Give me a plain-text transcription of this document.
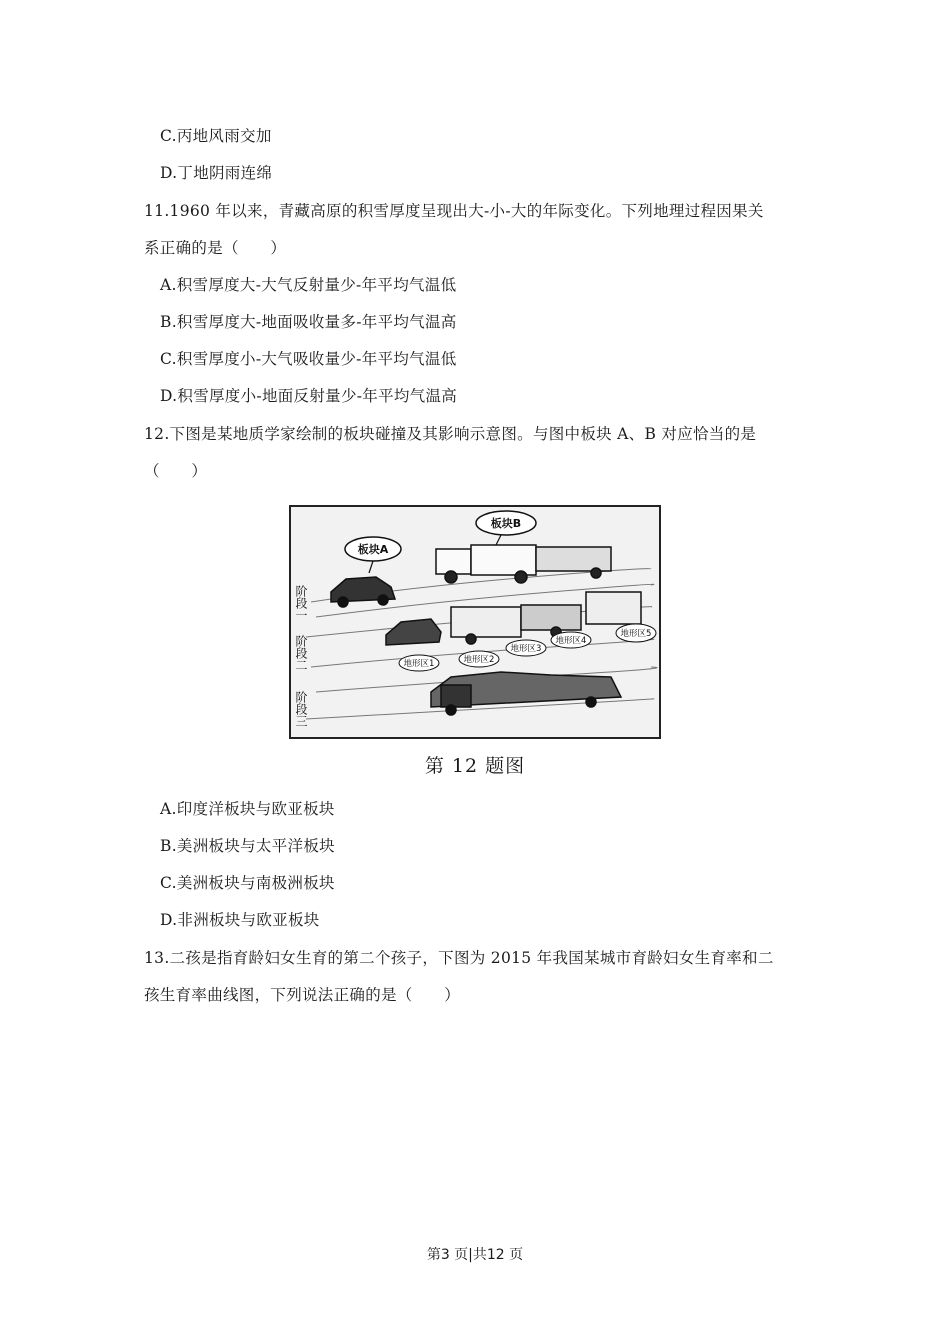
C.丙地风雨交加
D.丁地阴雨连绵
11.1960 年以来，青藏高原的积雪厚度呈现出大-小-大的年际变化。下列地理过程因果关
系正确的是（　　）
A.积雪厚度大-大气反射量少-年平均气温低
B.积雪厚度大-地面吸收量多-年平均气温高
C.积雪厚度小-大气吸收量少-年平均气温低
D.积雪厚度小-地面反射量少-年平均气温高
12.下图是某地质学家绘制的板块碰撞及其影响示意图。与图中板块 A、B 对应恰当的是
（　　）
板块A
板块B
地形区1	地形区2
地形区3
地形区4
地形区5
阶段一
阶段二
阶段三
第 12 题图
A.印度洋板块与欧亚板块
B.美洲板块与太平洋板块
C.美洲板块与南极洲板块
D.非洲板块与欧亚板块
13.二孩是指育龄妇女生育的第二个孩子，下图为 2015 年我国某城市育龄妇女生育率和二
孩生育率曲线图，下列说法正确的是（　　）
第3 页|共12 页
